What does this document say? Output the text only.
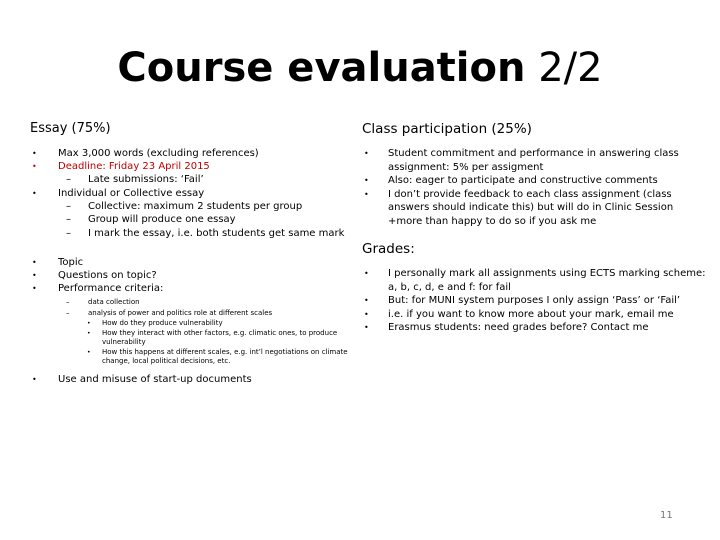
Course evaluation 2/2
Essay (75%)
• Max 3,000 words (excluding references)
• Deadline: Friday 23 April 2015
– Late submissions: ‘Fail’
• Individual or Collective essay
– Collective: maximum 2 students per group
– Group will produce one essay
– I mark the essay, i.e. both students get same mark
• Topic
• Questions on topic?
• Performance criteria:
– data collection
– analysis of power and politics role at different scales
• How do they produce vulnerability
• How they interact with other factors, e.g. climatic ones, to produce vulnerability
• How this happens at different scales, e.g. int’l negotiations on climate change, local political decisions, etc.
• Use and misuse of start-up documents
Class participation (25%)
• Student commitment and performance in answering class assignment: 5% per assigment
• Also: eager to participate and constructive comments
• I don’t provide feedback to each class assignment (class answers should indicate this) but will do in Clinic Session +more than happy to do so if you ask me
Grades:
• I personally mark all assignments using ECTS marking scheme: a, b, c, d, e and f: for fail
• But: for MUNI system purposes I only assign ‘Pass’ or ‘Fail’
• i.e. if you want to know more about your mark, email me
• Erasmus students: need grades before? Contact me
11
